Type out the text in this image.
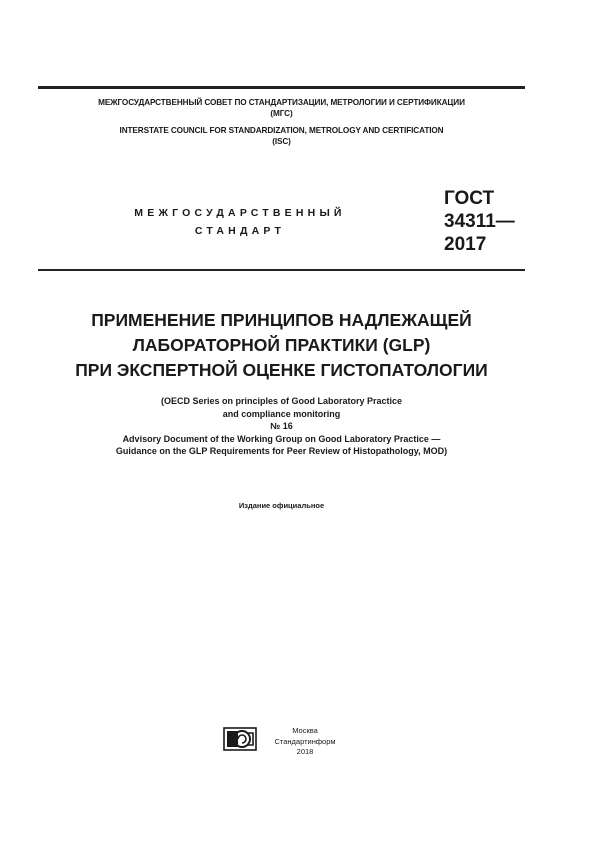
МЕЖГОСУДАРСТВЕННЫЙ СОВЕТ ПО СТАНДАРТИЗАЦИИ, МЕТРОЛОГИИ И СЕРТИФИКАЦИИ
(МГС)
INTERSTATE COUNCIL FOR STANDARDIZATION, METROLOGY AND CERTIFICATION
(ISC)
МЕЖГОСУДАРСТВЕННЫЙ
СТАНДАРТ
ГОСТ
34311—
2017
ПРИМЕНЕНИЕ ПРИНЦИПОВ НАДЛЕЖАЩЕЙ
ЛАБОРАТОРНОЙ ПРАКТИКИ (GLP)
ПРИ ЭКСПЕРТНОЙ ОЦЕНКЕ ГИСТОПАТОЛОГИИ
(OECD Series on principles of Good Laboratory Practice
and compliance monitoring
№ 16
Advisory Document of the Working Group on Good Laboratory Practice —
Guidance on the GLP Requirements for Peer Review of Histopathology, MOD)
Издание официальное
Москва
Стандартинформ
2018
